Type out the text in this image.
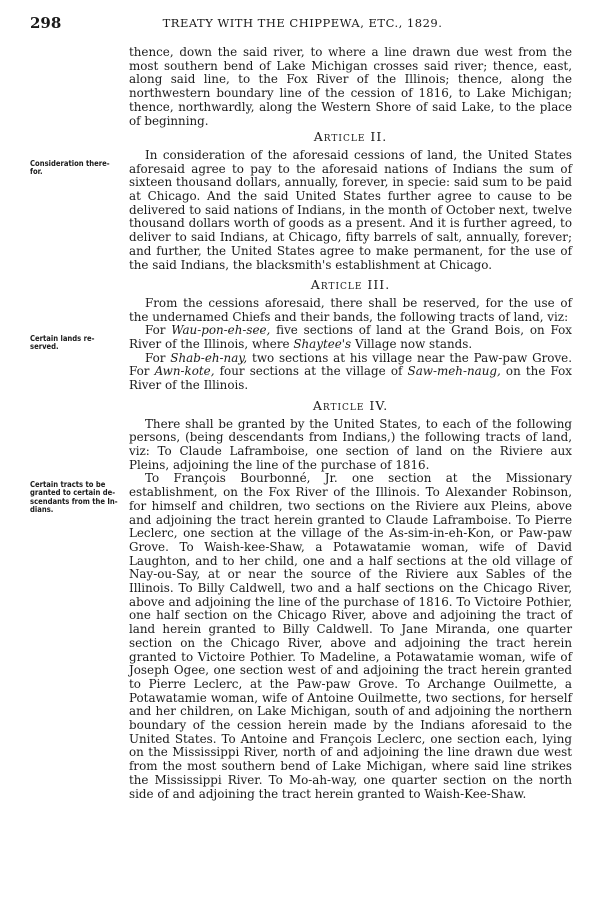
298	TREATY WITH THE CHIPPEWA, ETC., 1829.
Consideration there-for.
Certain lands re-served.
Certain tracts to be granted to certain de-scendants from the In-dians.

thence, down the said river, to where a line drawn due west from the most southern bend of Lake Michigan crosses said river; thence, east, along said line, to the Fox River of the Illinois; thence, along the northwestern boundary line of the cession of 1816, to Lake Michigan; thence, northwardly, along the Western Shore of said Lake, to the place of beginning.

Article II.

In consideration of the aforesaid cessions of land, the United States aforesaid agree to pay to the aforesaid nations of Indians the sum of sixteen thousand dollars, annually, forever, in specie: said sum to be paid at Chicago. And the said United States further agree to cause to be delivered to said nations of Indians, in the month of October next, twelve thousand dollars worth of goods as a present. And it is further agreed, to deliver to said Indians, at Chicago, fifty barrels of salt, annually, forever; and further, the United States agree to make permanent, for the use of the said Indians, the blacksmith's establishment at Chicago.

Article III.

From the cessions aforesaid, there shall be reserved, for the use of the undernamed Chiefs and their bands, the following tracts of land, viz:

For Wau-pon-eh-see, five sections of land at the Grand Bois, on Fox River of the Illinois, where Shaytee's Village now stands.

For Shab-eh-nay, two sections at his village near the Paw-paw Grove. For Awn-kote, four sections at the village of Saw-meh-naug, on the Fox River of the Illinois.

Article IV.

There shall be granted by the United States, to each of the following persons, (being descendants from Indians,) the following tracts of land, viz: To Claude Laframboise, one section of land on the Riviere aux Pleins, adjoining the line of the purchase of 1816.

To François Bourbonné, Jr. one section at the Missionary establishment, on the Fox River of the Illinois. To Alexander Robinson, for himself and children, two sections on the Riviere aux Pleins, above and adjoining the tract herein granted to Claude Laframboise. To Pierre Leclerc, one section at the village of the As-sim-in-eh-Kon, or Paw-paw Grove. To Waish-kee-Shaw, a Potawatamie woman, wife of David Laughton, and to her child, one and a half sections at the old village of Nay-ou-Say, at or near the source of the Riviere aux Sables of the Illinois. To Billy Caldwell, two and a half sections on the Chicago River, above and adjoining the line of the purchase of 1816. To Victoire Pothier, one half section on the Chicago River, above and adjoining the tract of land herein granted to Billy Caldwell. To Jane Miranda, one quarter section on the Chicago River, above and adjoining the tract herein granted to Victoire Pothier. To Madeline, a Potawatamie woman, wife of Joseph Ogee, one section west of and adjoining the tract herein granted to Pierre Leclerc, at the Paw-paw Grove. To Archange Ouilmette, a Potawatamie woman, wife of Antoine Ouilmette, two sections, for herself and her children, on Lake Michigan, south of and adjoining the northern boundary of the cession herein made by the Indians aforesaid to the United States. To Antoine and François Leclerc, one section each, lying on the Mississippi River, north of and adjoining the line drawn due west from the most southern bend of Lake Michigan, where said line strikes the Mississippi River. To Mo-ah-way, one quarter section on the north side of and adjoining the tract herein granted to Waish-Kee-Shaw.
